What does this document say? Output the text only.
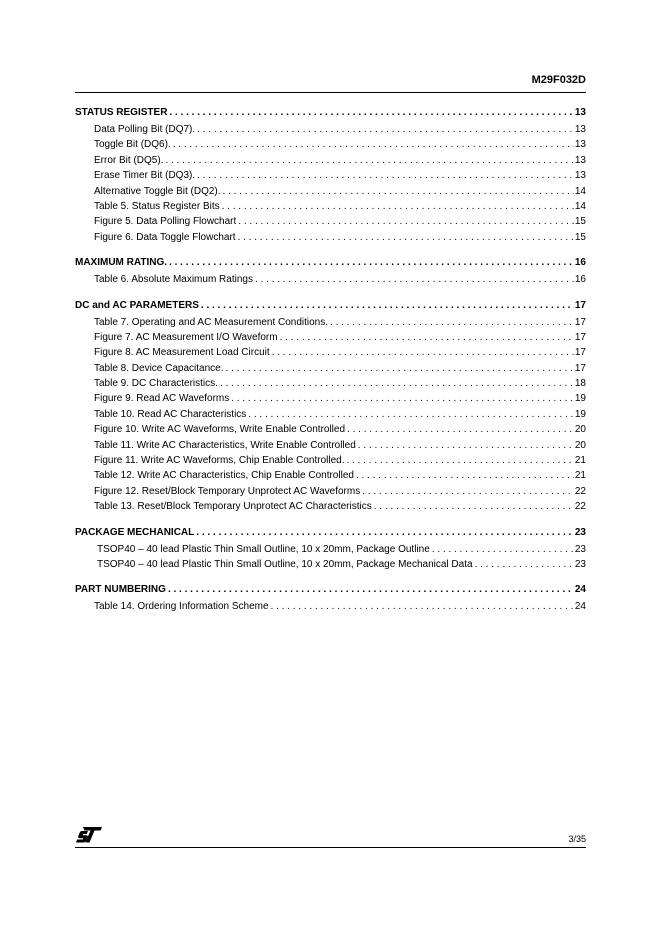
M29F032D
STATUS REGISTER . . .	13
Data Polling Bit (DQ7). . . .	13
Toggle Bit (DQ6). . . .	13
Error Bit (DQ5). . . .	13
Erase Timer Bit (DQ3). . . .	13
Alternative Toggle Bit (DQ2). . . .	14
Table 5. Status Register Bits . . .	14
Figure 5. Data Polling Flowchart . . .	15
Figure 6. Data Toggle Flowchart . . .	15
MAXIMUM RATING. . . .	16
Table 6. Absolute Maximum Ratings . . .	16
DC and AC PARAMETERS . . .	17
Table 7. Operating and AC Measurement Conditions. . . .	17
Figure 7. AC Measurement I/O Waveform . . .	17
Figure 8. AC Measurement Load Circuit . . .	17
Table 8. Device Capacitance. . . .	17
Table 9. DC Characteristics. . . .	18
Figure 9. Read AC Waveforms . . .	19
Table 10. Read AC Characteristics . . .	19
Figure 10. Write AC Waveforms, Write Enable Controlled . . .	20
Table 11. Write AC Characteristics, Write Enable Controlled . . .	20
Figure 11. Write AC Waveforms, Chip Enable Controlled. . . .	21
Table 12. Write AC Characteristics, Chip Enable Controlled . . .	21
Figure 12. Reset/Block Temporary Unprotect AC Waveforms . . .	22
Table 13. Reset/Block Temporary Unprotect AC Characteristics . . .	22
PACKAGE MECHANICAL . . .	23
TSOP40 – 40 lead Plastic Thin Small Outline, 10 x 20mm, Package Outline . . .	23
TSOP40 – 40 lead Plastic Thin Small Outline, 10 x 20mm, Package Mechanical Data . . .	23
PART NUMBERING . . .	24
Table 14. Ordering Information Scheme . . .	24
3/35
